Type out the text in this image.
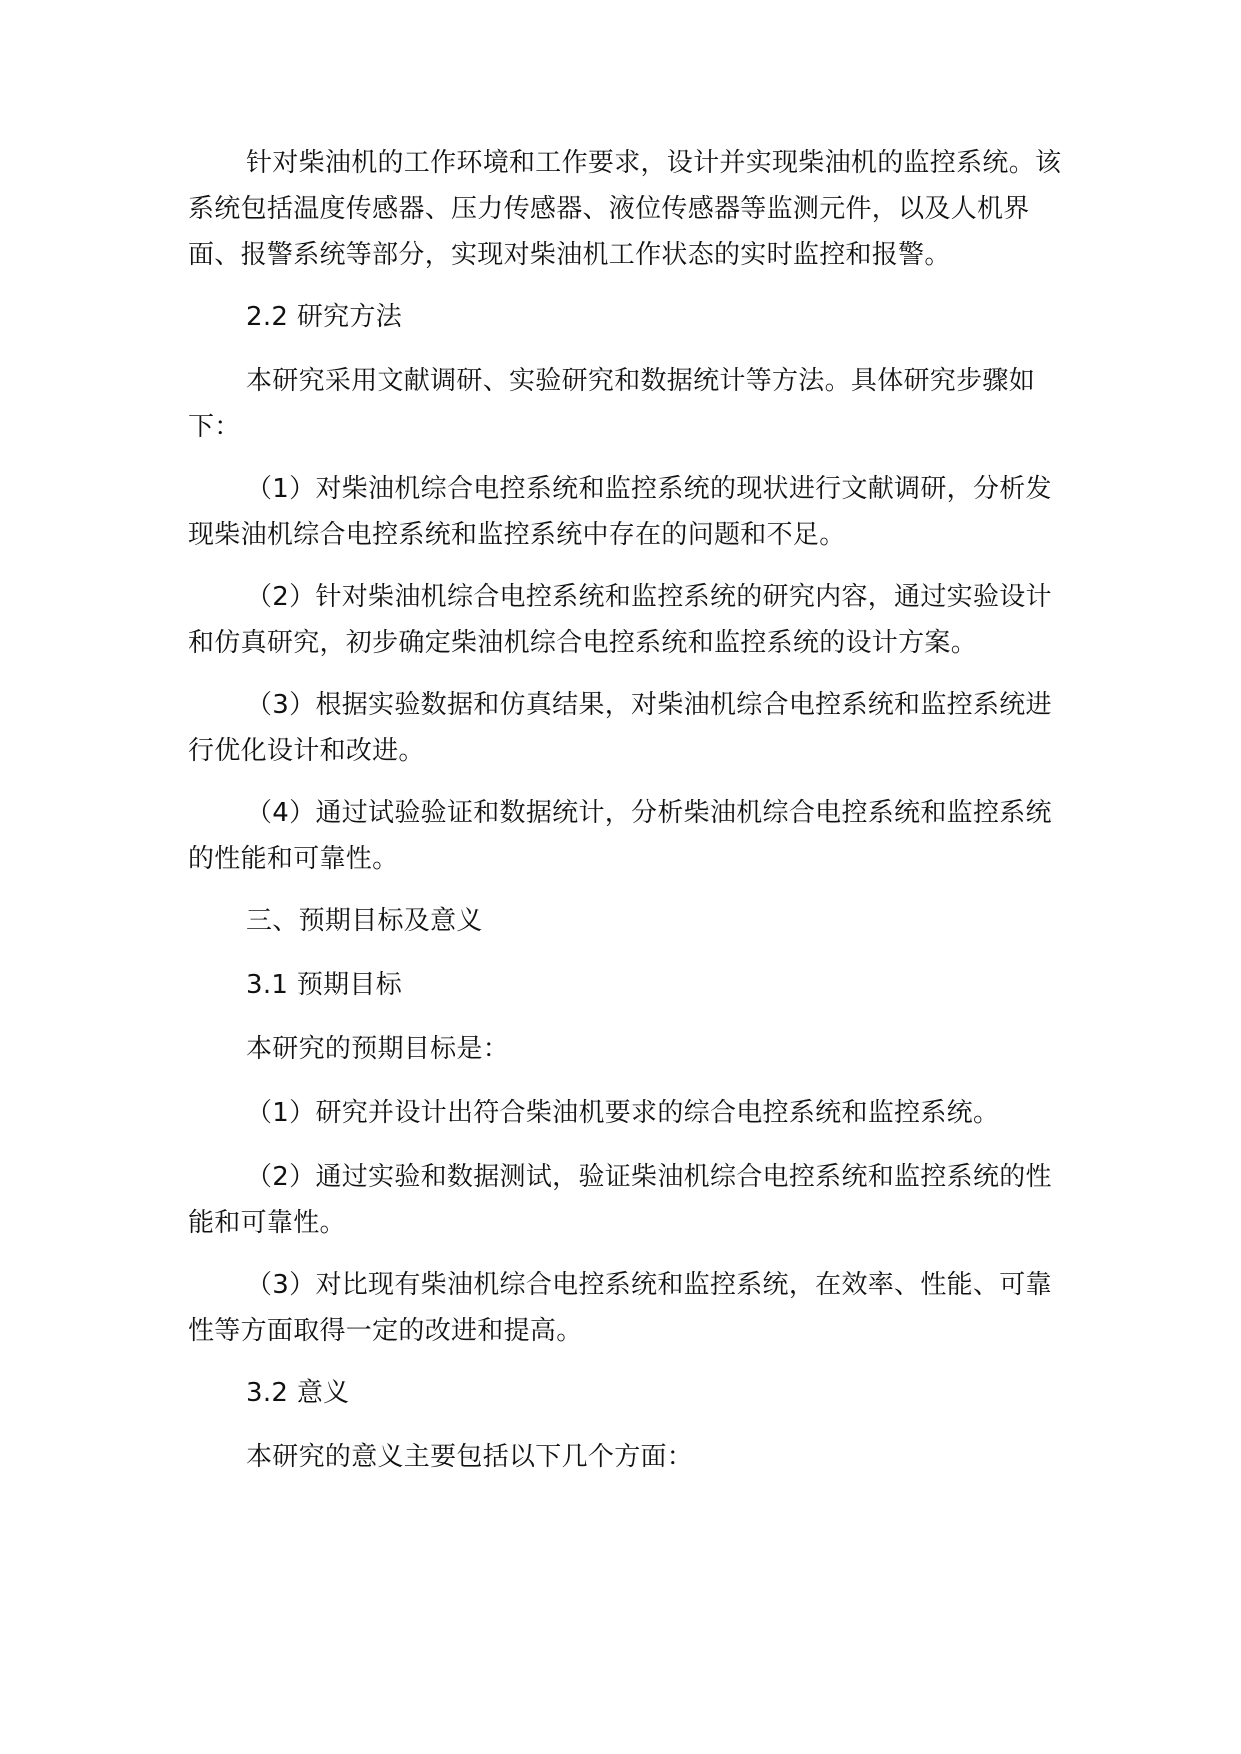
针对柴油机的工作环境和工作要求，设计并实现柴油机的监控系统。该系统包括温度传感器、压力传感器、液位传感器等监测元件，以及人机界面、报警系统等部分，实现对柴油机工作状态的实时监控和报警。

2.2 研究方法

本研究采用文献调研、实验研究和数据统计等方法。具体研究步骤如下：

（1）对柴油机综合电控系统和监控系统的现状进行文献调研，分析发现柴油机综合电控系统和监控系统中存在的问题和不足。

（2）针对柴油机综合电控系统和监控系统的研究内容，通过实验设计和仿真研究，初步确定柴油机综合电控系统和监控系统的设计方案。

（3）根据实验数据和仿真结果，对柴油机综合电控系统和监控系统进行优化设计和改进。

（4）通过试验验证和数据统计，分析柴油机综合电控系统和监控系统的性能和可靠性。

三、预期目标及意义

3.1 预期目标

本研究的预期目标是：

（1）研究并设计出符合柴油机要求的综合电控系统和监控系统。

（2）通过实验和数据测试，验证柴油机综合电控系统和监控系统的性能和可靠性。

（3）对比现有柴油机综合电控系统和监控系统，在效率、性能、可靠性等方面取得一定的改进和提高。

3.2 意义

本研究的意义主要包括以下几个方面：
